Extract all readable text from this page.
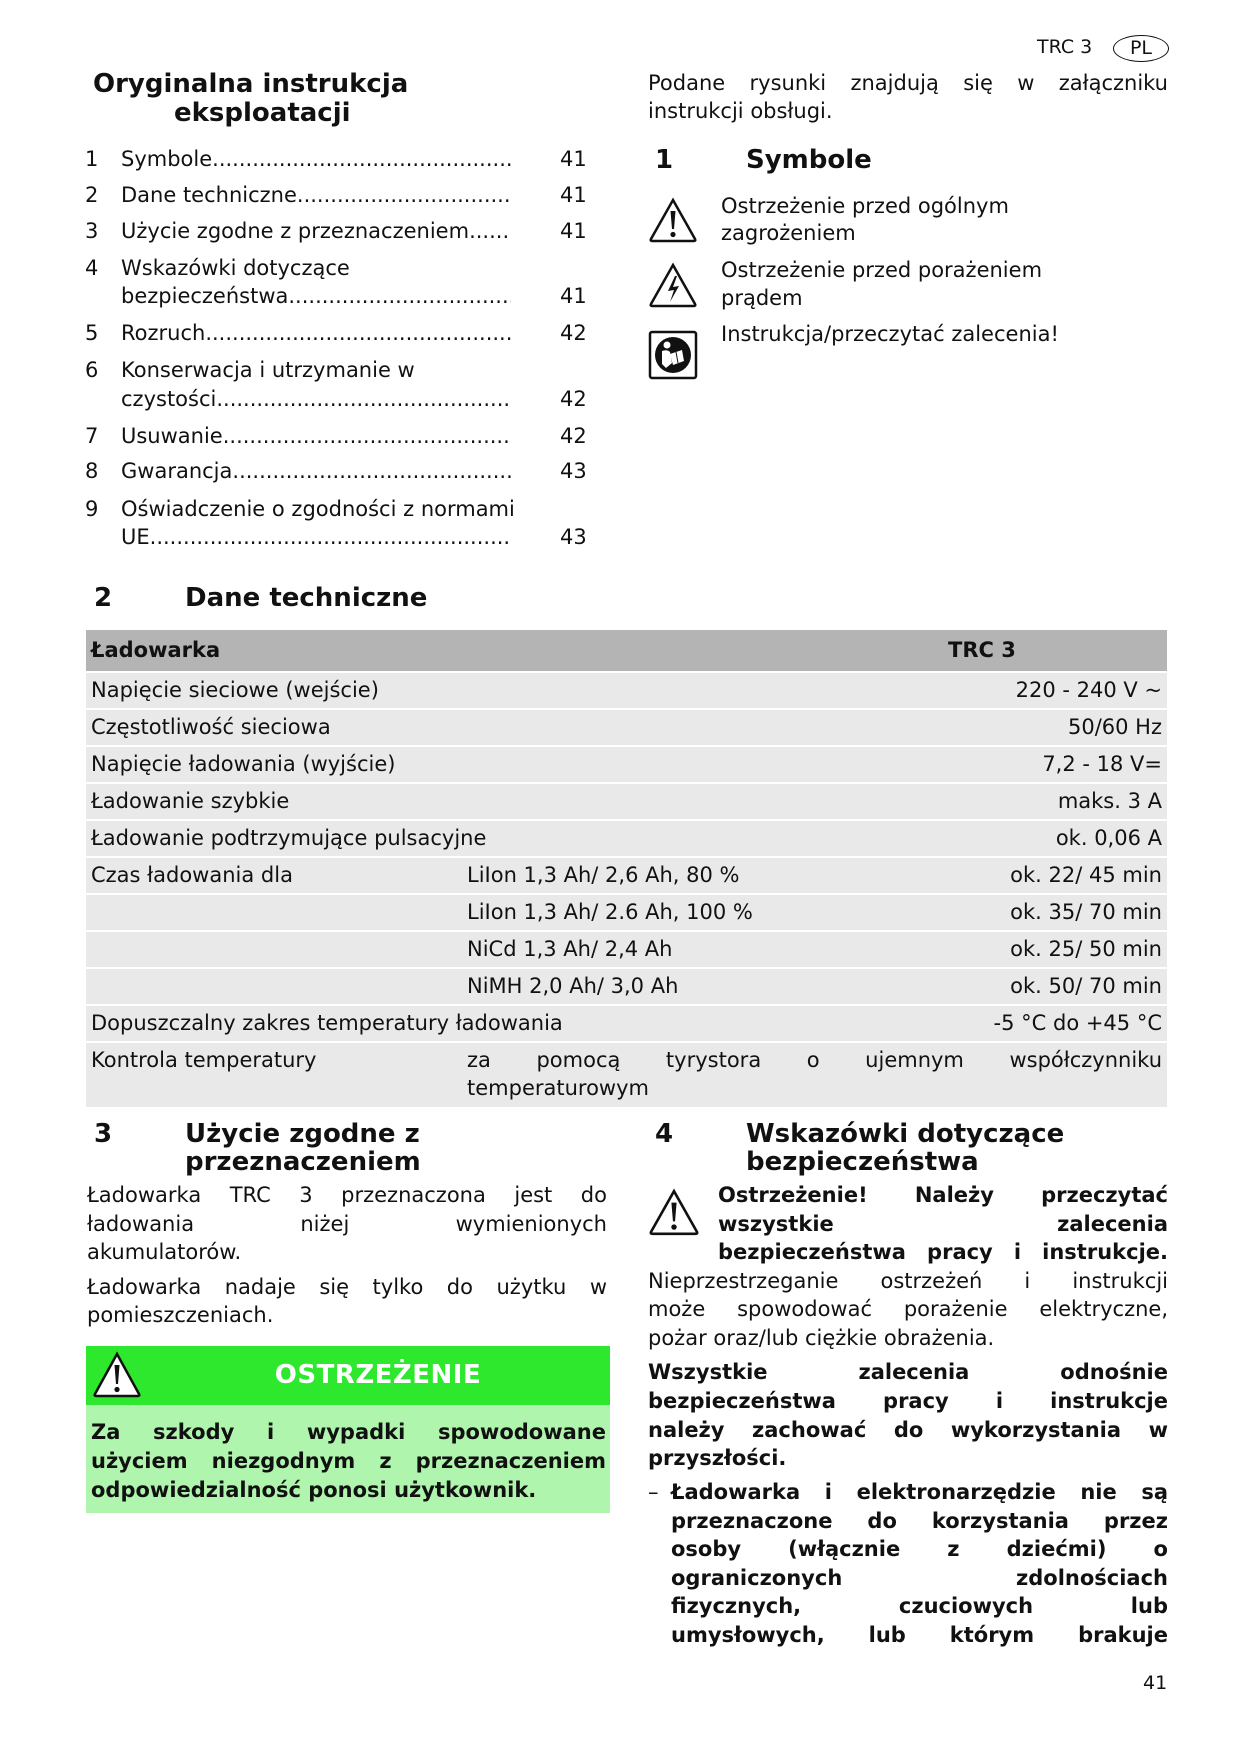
TRC 3	PL
Oryginalna instrukcja
eksploatacji
1 Symbole .....	41
2 Dane techniczne .....	41
3 Użycie zgodne z przeznaczeniem .....	41
4 Wskazówki dotyczące
bezpieczeństwa .....	41
5 Rozruch .....	42
6 Konserwacja i utrzymanie w
czystości .....	42
7 Usuwanie .....	42
8 Gwarancja .....	43
9 Oświadczenie o zgodności z normami
UE .....	43
Podane rysunki znajdują się w załączniku
instrukcji obsługi.
1	Symbole
Ostrzeżenie przed ogólnym
zagrożeniem
Ostrzeżenie przed porażeniem
prądem
Instrukcja/przeczytać zalecenia!
2	Dane techniczne
Ładowarka	TRC 3
Napięcie sieciowe (wejście)	220 - 240 V ~
Częstotliwość sieciowa	50/60 Hz
Napięcie ładowania (wyjście)	7,2 - 18 V=
Ładowanie szybkie	maks. 3 A
Ładowanie podtrzymujące pulsacyjne	ok. 0,06 A
Czas ładowania dla	LiIon 1,3 Ah/ 2,6 Ah, 80 %	ok. 22/ 45 min
LiIon 1,3 Ah/ 2.6 Ah, 100 %	ok. 35/ 70 min
NiCd 1,3 Ah/ 2,4 Ah	ok. 25/ 50 min
NiMH 2,0 Ah/ 3,0 Ah	ok. 50/ 70 min
Dopuszczalny zakres temperatury ładowania	-5 °C do +45 °C
Kontrola temperatury	za pomocą tyrystora o ujemnym współczynniku
temperaturowym
3	Użycie zgodne z
przeznaczeniem
Ładowarka TRC 3 przeznaczona jest do
ładowania niżej wymienionych
akumulatorów.
Ładowarka nadaje się tylko do użytku w
pomieszczeniach.
OSTRZEŻENIE
Za szkody i wypadki spowodowane
użyciem niezgodnym z przeznaczeniem
odpowiedzialność ponosi użytkownik.
4	Wskazówki dotyczące
bezpieczeństwa
Ostrzeżenie! Należy przeczytać
wszystkie zalecenia
bezpieczeństwa pracy i instrukcje.
Nieprzestrzeganie ostrzeżeń i instrukcji
może spowodować porażenie elektryczne,
pożar oraz/lub ciężkie obrażenia.
Wszystkie zalecenia odnośnie
bezpieczeństwa pracy i instrukcje
należy zachować do wykorzystania w
przyszłości.
– Ładowarka i elektronarzędzie nie są
przeznaczone do korzystania przez
osoby (włącznie z dziećmi) o
ograniczonych zdolnościach
fizycznych, czuciowych lub
umysłowych, lub którym brakuje
41
